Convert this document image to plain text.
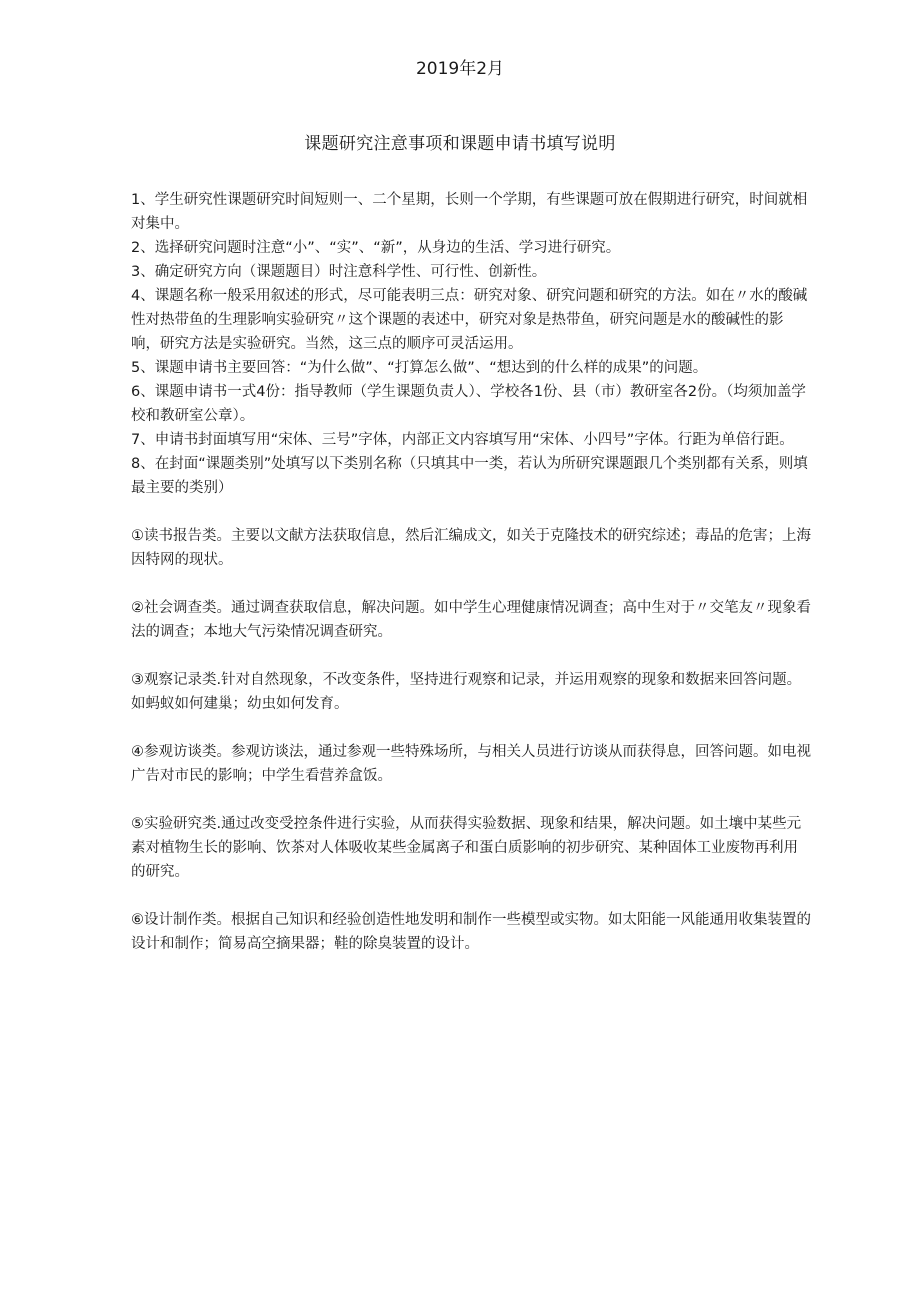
2019年2月
课题研究注意事项和课题申请书填写说明

1、学生研究性课题研究时间短则一、二个星期，长则一个学期，有些课题可放在假期进行研究，时间就相对集中。

2、选择研究问题时注意“小”、“实”、“新”，从身边的生活、学习进行研究。

3、确定研究方向（课题题目）时注意科学性、可行性、创新性。

4、课题名称一般采用叙述的形式，尽可能表明三点：研究对象、研究问题和研究的方法。如在〃水的酸碱性对热带鱼的生理影响实验研究〃这个课题的表述中，研究对象是热带鱼，研究问题是水的酸碱性的影响，研究方法是实验研究。当然，这三点的顺序可灵活运用。

5、课题申请书主要回答：“为什么做”、“打算怎么做”、“想达到的什么样的成果”的问题。

6、课题申请书一式4份：指导教师（学生课题负责人）、学校各1份、县（市）教研室各2份。（均须加盖学校和教研室公章）。

7、申请书封面填写用“宋体、三号”字体，内部正文内容填写用“宋体、小四号”字体。行距为单倍行距。

8、在封面“课题类别”处填写以下类别名称（只填其中一类，若认为所研究课题跟几个类别都有关系，则填最主要的类别）

①读书报告类。主要以文献方法获取信息，然后汇编成文，如关于克隆技术的研究综述；毒品的危害；上海因特网的现状。

②社会调查类。通过调查获取信息，解决问题。如中学生心理健康情况调查；高中生对于〃交笔友〃现象看法的调查；本地大气污染情况调查研究。

③观察记录类.针对自然现象，不改变条件，坚持进行观察和记录，并运用观察的现象和数据来回答问题。如蚂蚁如何建巢；幼虫如何发育。

④参观访谈类。参观访谈法，通过参观一些特殊场所，与相关人员进行访谈从而获得息，回答问题。如电视广告对市民的影响；中学生看营养盒饭。

⑤实验研究类.通过改变受控条件进行实验，从而获得实验数据、现象和结果，解决问题。如土壤中某些元素对植物生长的影响、饮茶对人体吸收某些金属离子和蛋白质影响的初步研究、某种固体工业废物再利用的研究。

⑥设计制作类。根据自己知识和经验创造性地发明和制作一些模型或实物。如太阳能一风能通用收集装置的设计和制作；简易高空摘果器；鞋的除臭装置的设计。
